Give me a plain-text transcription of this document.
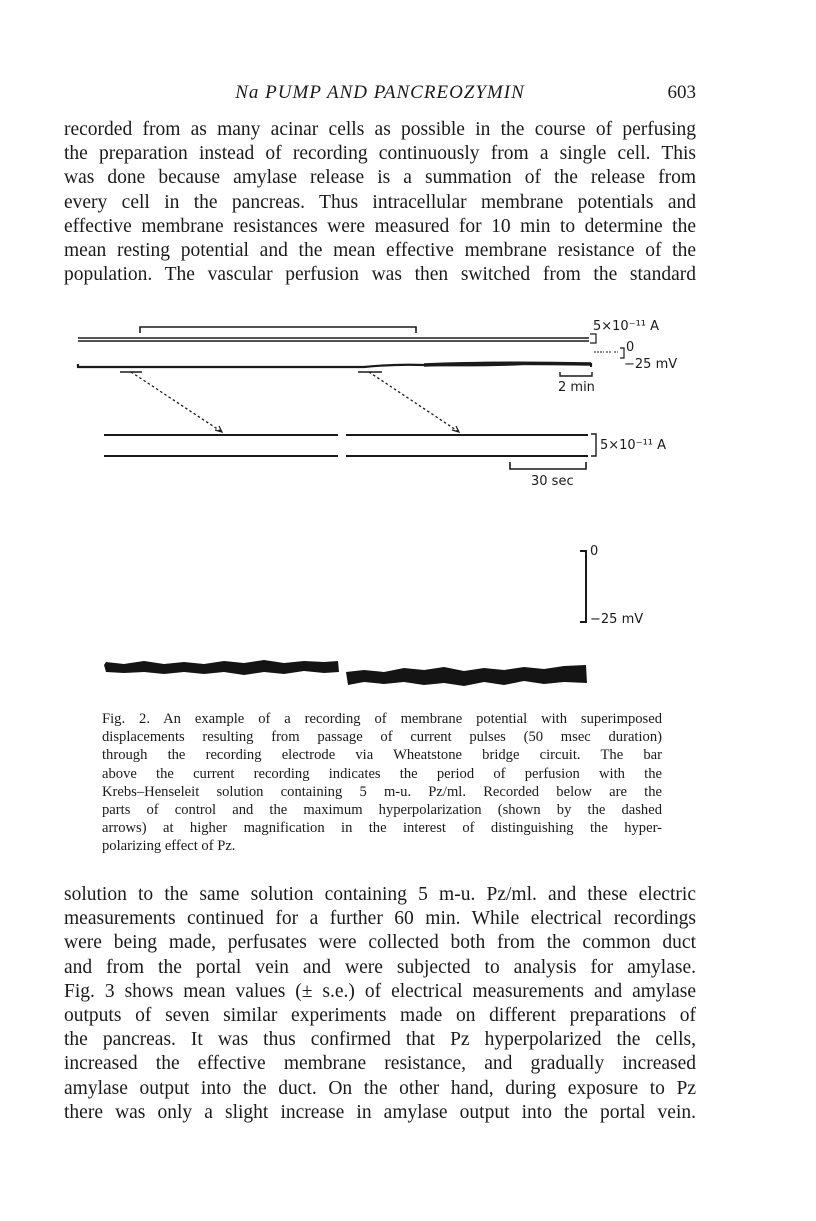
Na PUMP AND PANCREOZYMIN	603
recorded from as many acinar cells as possible in the course of perfusing
the preparation instead of recording continuously from a single cell. This
was done because amylase release is a summation of the release from
every cell in the pancreas. Thus intracellular membrane potentials and
effective membrane resistances were measured for 10 min to determine the
mean resting potential and the mean effective membrane resistance of the
population. The vascular perfusion was then switched from the standard
5×10⁻¹¹ A
0
−25 mV
2 min
5×10⁻¹¹ A
30 sec
0
−25 mV
Fig. 2. An example of a recording of membrane potential with superimposed
displacements resulting from passage of current pulses (50 msec duration)
through the recording electrode via Wheatstone bridge circuit. The bar
above the current recording indicates the period of perfusion with the
Krebs–Henseleit solution containing 5 m-u. Pz/ml. Recorded below are the
parts of control and the maximum hyperpolarization (shown by the dashed
arrows) at higher magnification in the interest of distinguishing the hyper-
polarizing effect of Pz.
solution to the same solution containing 5 m-u. Pz/ml. and these electric
measurements continued for a further 60 min. While electrical recordings
were being made, perfusates were collected both from the common duct
and from the portal vein and were subjected to analysis for amylase.
Fig. 3 shows mean values (± s.e.) of electrical measurements and amylase
outputs of seven similar experiments made on different preparations of
the pancreas. It was thus confirmed that Pz hyperpolarized the cells,
increased the effective membrane resistance, and gradually increased
amylase output into the duct. On the other hand, during exposure to Pz
there was only a slight increase in amylase output into the portal vein.
